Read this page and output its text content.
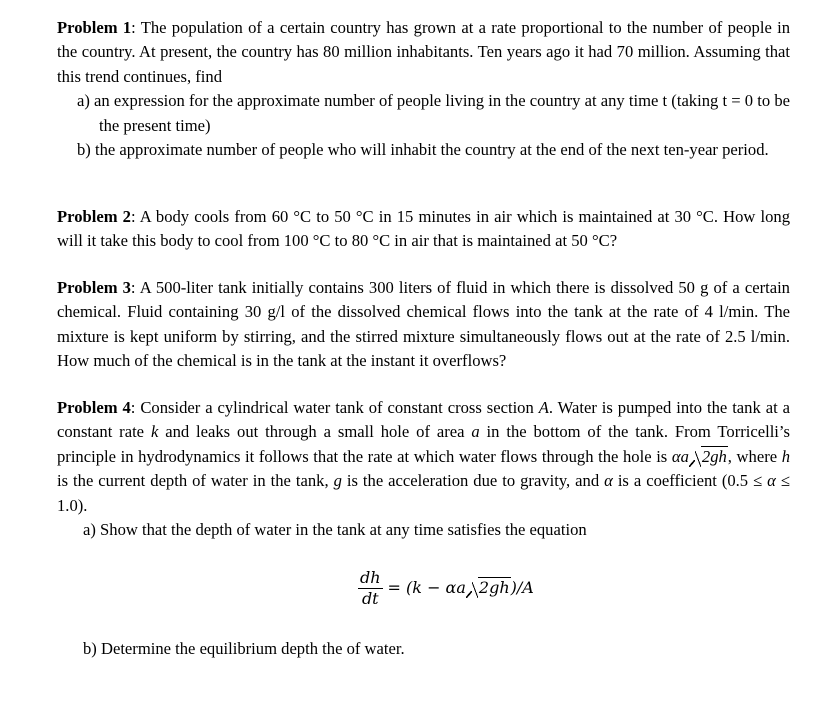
Problem 1: The population of a certain country has grown at a rate proportional to the number of people in the country. At present, the country has 80 million inhabitants. Ten years ago it had 70 million. Assuming that this trend continues, find

a) an expression for the approximate number of people living in the country at any time t (taking t = 0 to be the present time)

b) the approximate number of people who will inhabit the country at the end of the next ten-year period.

Problem 2: A body cools from 60 °C to 50 °C in 15 minutes in air which is maintained at 30 °C. How long will it take this body to cool from 100 °C to 80 °C in air that is maintained at 50 °C?

Problem 3: A 500-liter tank initially contains 300 liters of fluid in which there is dissolved 50 g of a certain chemical. Fluid containing 30 g/l of the dissolved chemical flows into the tank at the rate of 4 l/min. The mixture is kept uniform by stirring, and the stirred mixture simultaneously flows out at the rate of 2.5 l/min. How much of the chemical is in the tank at the instant it overflows?

Problem 4: Consider a cylindrical water tank of constant cross section A. Water is pumped into the tank at a constant rate k and leaks out through a small hole of area a in the bottom of the tank. From Torricelli’s principle in hydrodynamics it follows that the rate at which water flows through the hole is αa 2gh, where h is the current depth of water in the tank, g is the acceleration due to gravity, and α is a coefficient (0.5 ≤ α ≤ 1.0).

a) Show that the depth of water in the tank at any time satisfies the equation

$\frac{dh}{dt} = (k - \alpha a$ 2gh )/A

b) Determine the equilibrium depth the of water.
